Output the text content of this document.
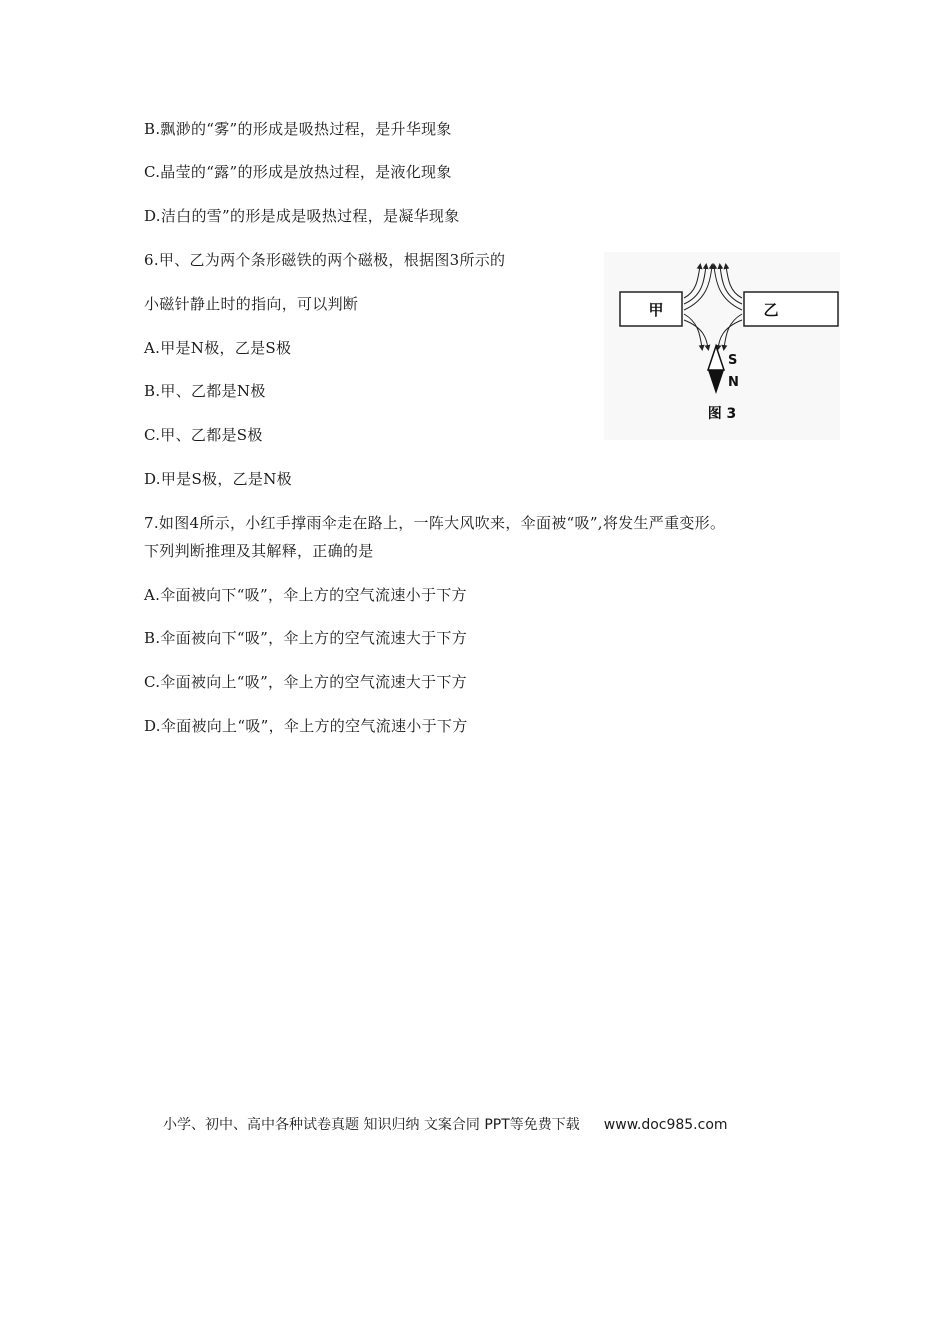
B.飘渺的“雾”的形成是吸热过程，是升华现象
C.晶莹的“露”的形成是放热过程，是液化现象
D.洁白的雪”的形是成是吸热过程，是凝华现象
6.甲、乙为两个条形磁铁的两个磁极，根据图3所示的
小磁针静止时的指向，可以判断
A.甲是N极，乙是S极
B.甲、乙都是N极
C.甲、乙都是S极
D.甲是S极，乙是N极
7.如图4所示，小红手撑雨伞走在路上，一阵大风吹来，伞面被“吸”,将发生严重变形。
下列判断推理及其解释，正确的是
A.伞面被向下“吸”，伞上方的空气流速小于下方
B.伞面被向下“吸”，伞上方的空气流速大于下方
C.伞面被向上“吸”，伞上方的空气流速大于下方
D.伞面被向上“吸”，伞上方的空气流速小于下方
甲	乙
S
N
图 3
小学、初中、高中各种试卷真题 知识归纳 文案合同 PPT等免费下载 www.doc985.com
